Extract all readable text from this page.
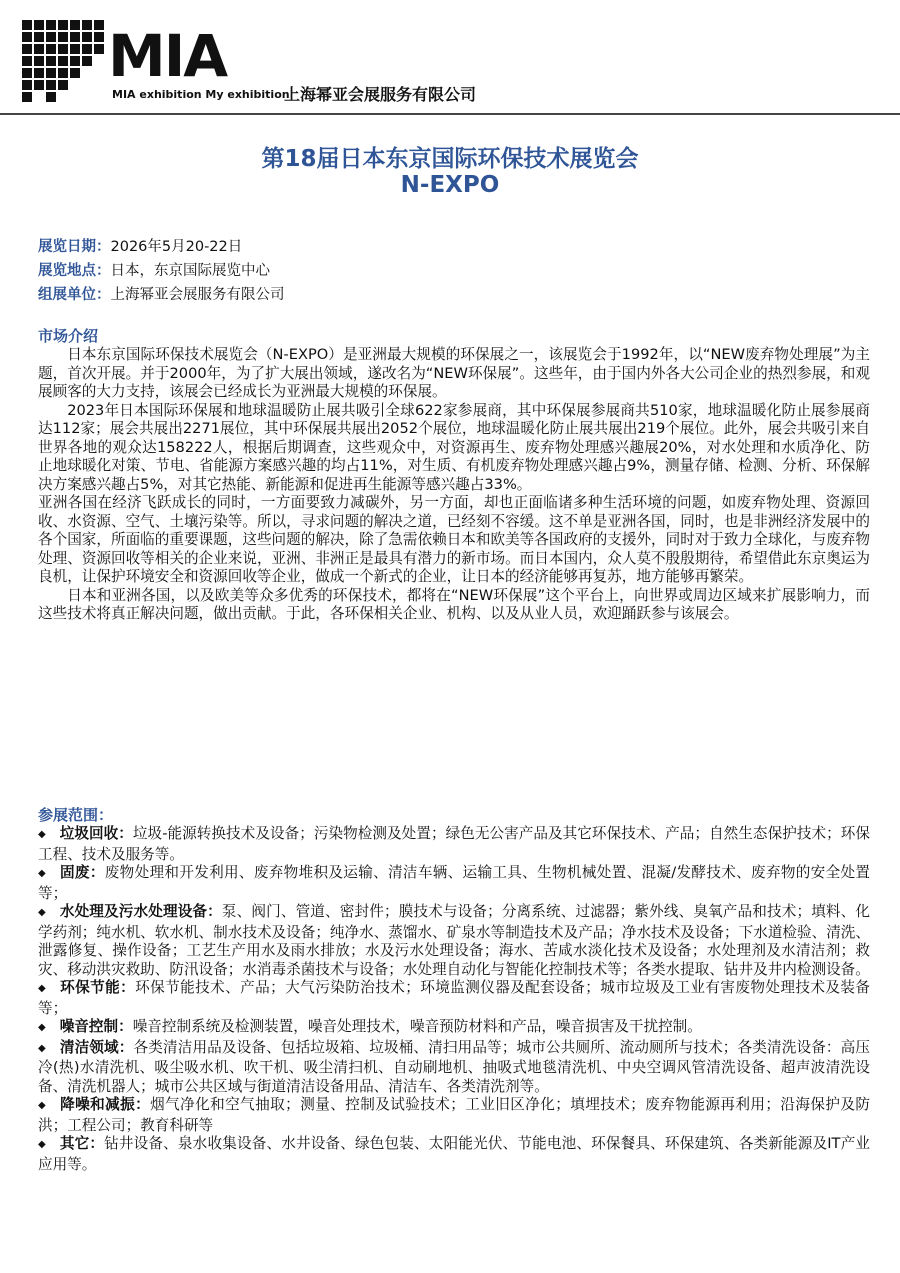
MIA
MIA exhibition My exhibition
上海幂亚会展服务有限公司
第18届日本东京国际环保技术展览会
N-EXPO
展览日期：2026年5月20-22日
展览地点：日本，东京国际展览中心
组展单位：上海幂亚会展服务有限公司
市场介绍

日本东京国际环保技术展览会（N-EXPO）是亚洲最大规模的环保展之一，该展览会于1992年，以“NEW废弃物处理展”为主题，首次开展。并于2000年，为了扩大展出领域，遂改名为“NEW环保展”。这些年，由于国内外各大公司企业的热烈参展，和观展顾客的大力支持，该展会已经成长为亚洲最大规模的环保展。

2023年日本国际环保展和地球温暖防止展共吸引全球622家参展商，其中环保展参展商共510家，地球温暖化防止展参展商达112家；展会共展出2271展位，其中环保展共展出2052个展位，地球温暖化防止展共展出219个展位。此外，展会共吸引来自世界各地的观众达158222人，根据后期调查，这些观众中，对资源再生、废弃物处理感兴趣展20%，对水处理和水质净化、防止地球暖化对策、节电、省能源方案感兴趣的均占11%，对生质、有机废弃物处理感兴趣占9%，测量存储、检测、分析、环保解决方案感兴趣占5%，对其它热能、新能源和促进再生能源等感兴趣占33%。

亚洲各国在经济飞跃成长的同时，一方面要致力减碳外，另一方面，却也正面临诸多种生活环境的问题，如废弃物处理、资源回收、水资源、空气、土壤污染等。所以，寻求问题的解决之道，已经刻不容缓。这不单是亚洲各国，同时，也是非洲经济发展中的各个国家，所面临的重要课题，这些问题的解决，除了急需依赖日本和欧美等各国政府的支援外，同时对于致力全球化，与废弃物处理、资源回收等相关的企业来说，亚洲、非洲正是最具有潜力的新市场。而日本国内，众人莫不殷殷期待，希望借此东京奥运为良机，让保护环境安全和资源回收等企业，做成一个新式的企业，让日本的经济能够再复苏，地方能够再繁荣。

日本和亚洲各国，以及欧美等众多优秀的环保技术，都将在“NEW环保展”这个平台上，向世界或周边区域来扩展影响力，而这些技术将真正解决问题，做出贡献。于此，各环保相关企业、机构、以及从业人员，欢迎踊跃参与该展会。

参展范围：

◆ 垃圾回收：垃圾-能源转换技术及设备；污染物检测及处置；绿色无公害产品及其它环保技术、产品；自然生态保护技术；环保工程、技术及服务等。

◆ 固废：废物处理和开发利用、废弃物堆积及运输、清洁车辆、运输工具、生物机械处置、混凝/发酵技术、废弃物的安全处置等；

◆ 水处理及污水处理设备：泵、阀门、管道、密封件；膜技术与设备；分离系统、过滤器；紫外线、臭氧产品和技术；填料、化学药剂；纯水机、软水机、制水技术及设备；纯净水、蒸馏水、矿泉水等制造技术及产品；净水技术及设备；下水道检验、清洗、泄露修复、操作设备；工艺生产用水及雨水排放；水及污水处理设备；海水、苦咸水淡化技术及设备；水处理剂及水清洁剂；救灾、移动洪灾救助、防汛设备；水消毒杀菌技术与设备；水处理自动化与智能化控制技术等；各类水提取、钻井及井内检测设备。

◆ 环保节能：环保节能技术、产品；大气污染防治技术；环境监测仪器及配套设备；城市垃圾及工业有害废物处理技术及装备等；

◆ 噪音控制：噪音控制系统及检测装置，噪音处理技术，噪音预防材料和产品，噪音损害及干扰控制。

◆ 清洁领域：各类清洁用品及设备、包括垃圾箱、垃圾桶、清扫用品等；城市公共厕所、流动厕所与技术；各类清洗设备：高压冷(热)水清洗机、吸尘吸水机、吹干机、吸尘清扫机、自动刷地机、抽吸式地毯清洗机、中央空调风管清洗设备、超声波清洗设备、清洗机器人；城市公共区域与街道清洁设备用品、清洁车、各类清洗剂等。

◆ 降噪和减振：烟气净化和空气抽取；测量、控制及试验技术；工业旧区净化；填埋技术；废弃物能源再利用；沿海保护及防洪；工程公司；教育科研等

◆ 其它：钻井设备、泉水收集设备、水井设备、绿色包装、太阳能光伏、节能电池、环保餐具、环保建筑、各类新能源及IT产业应用等。
